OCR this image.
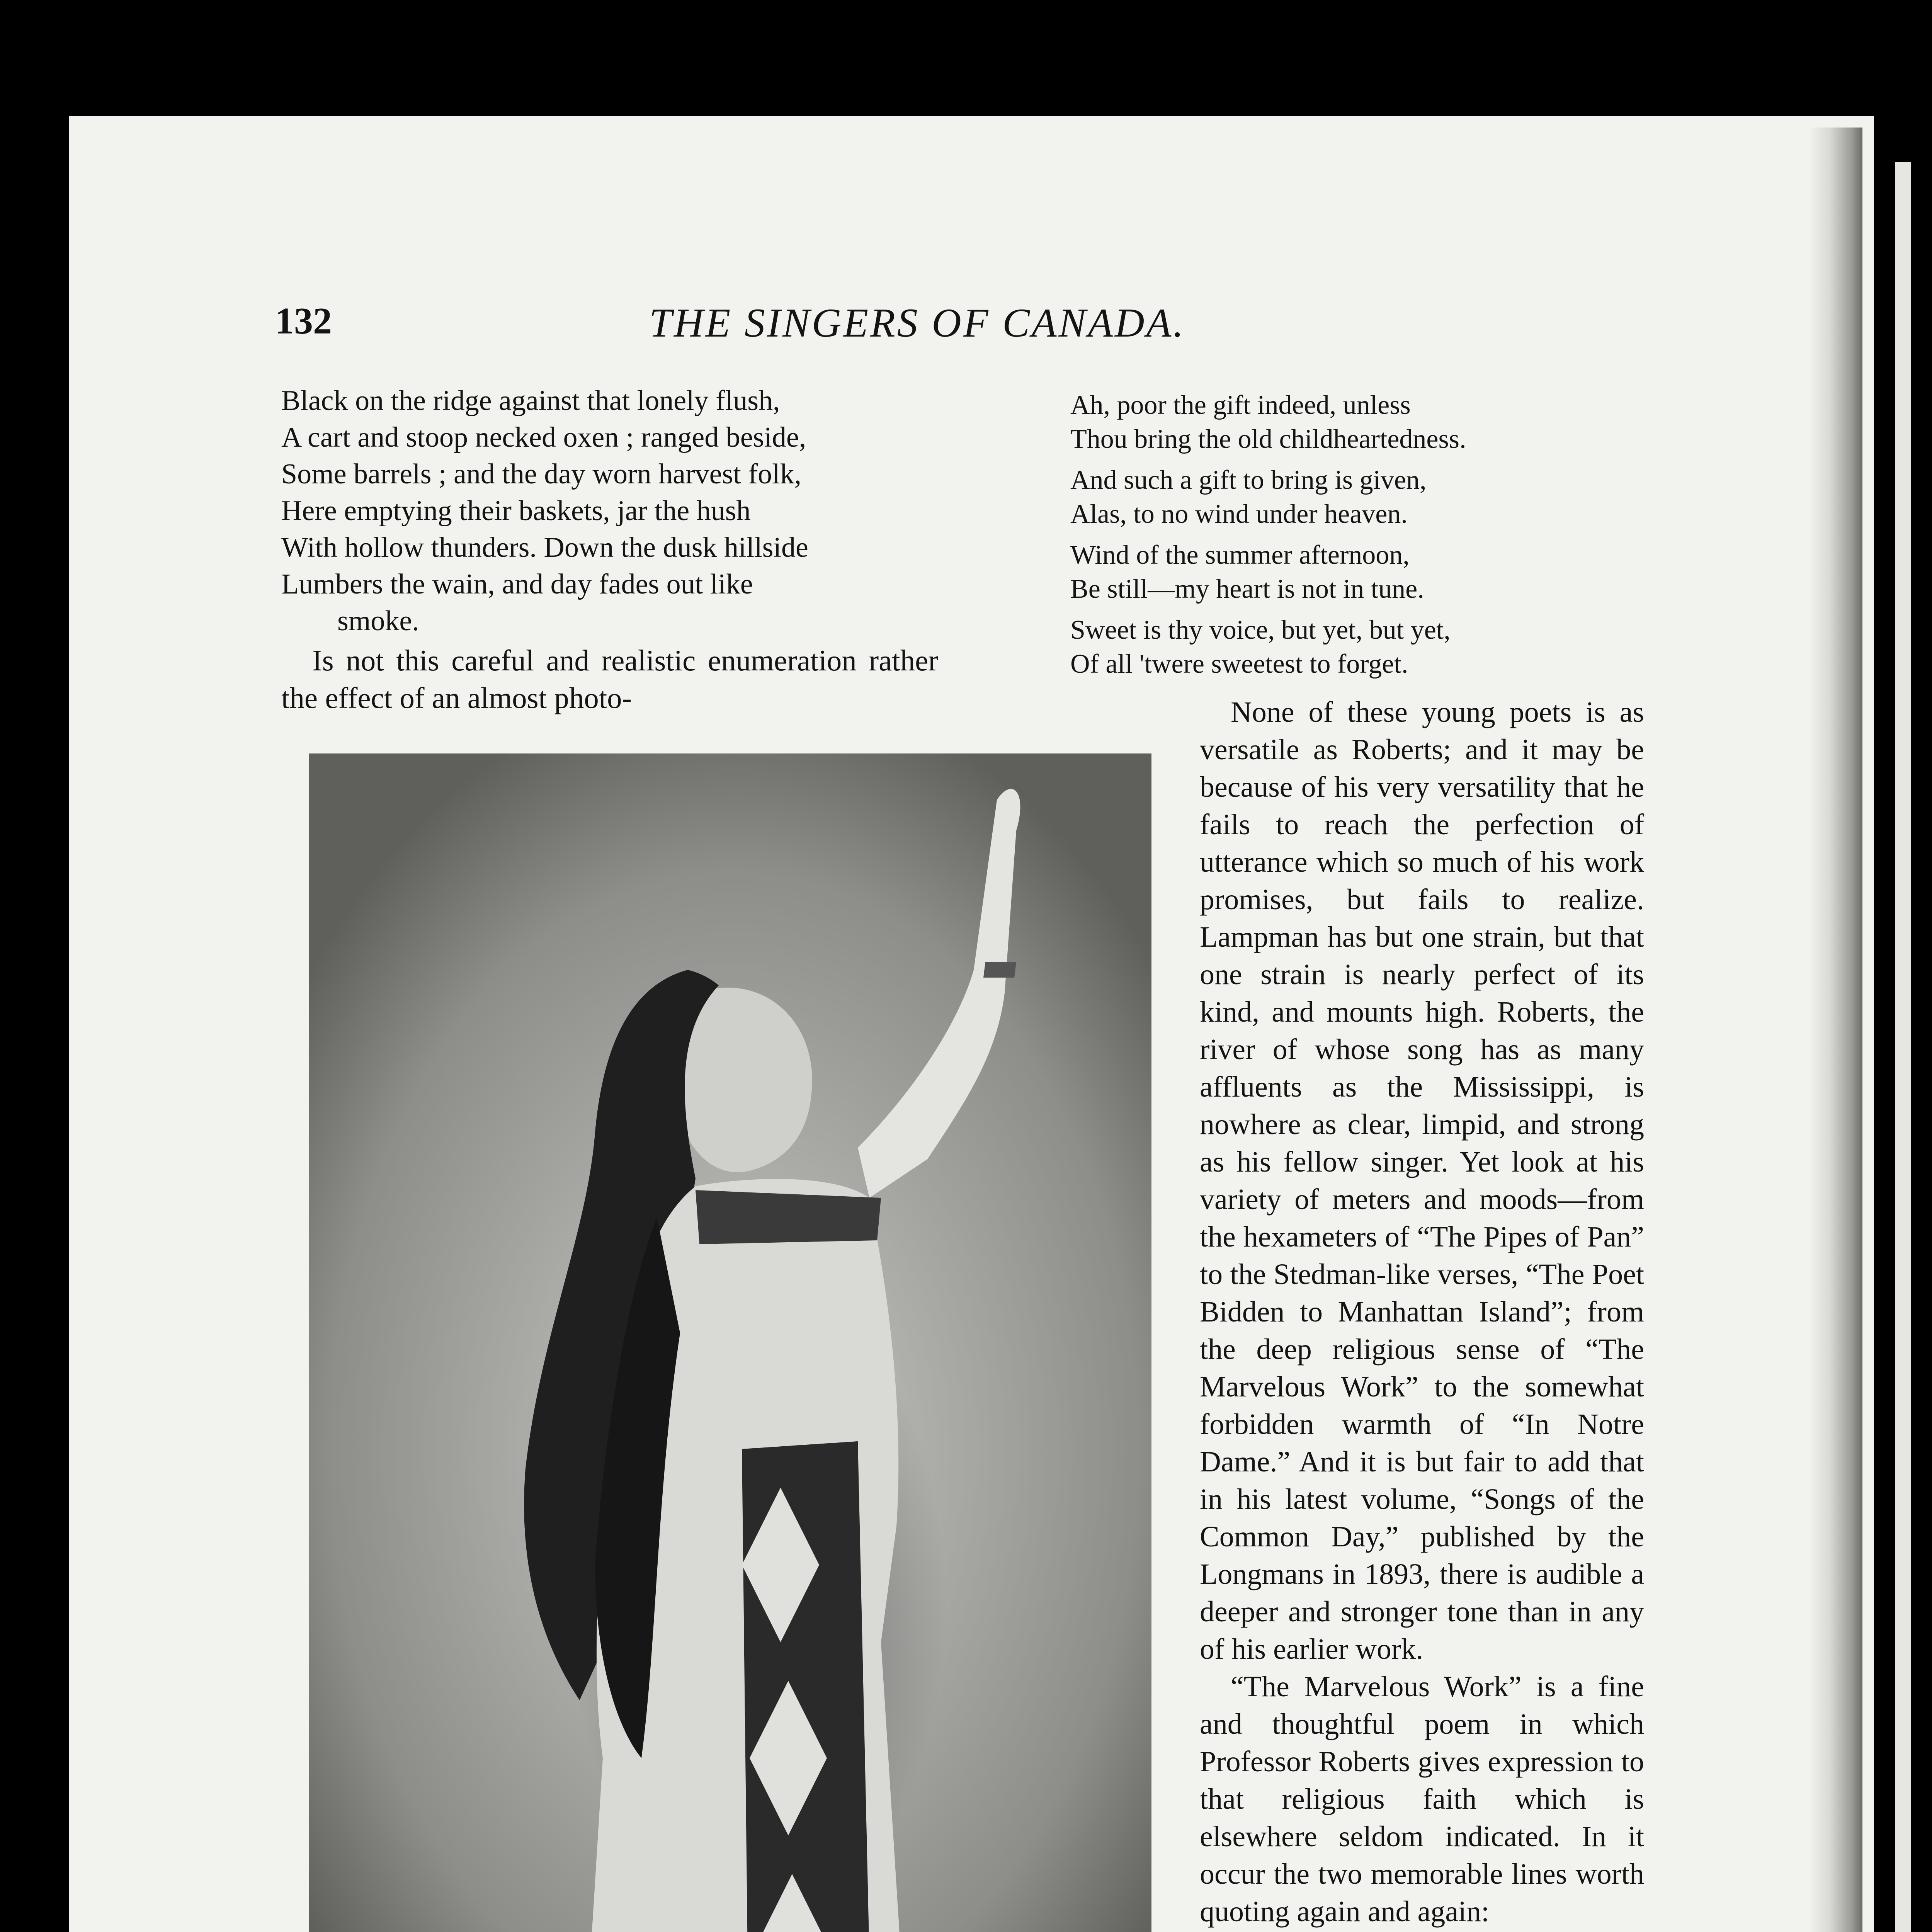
132	THE SINGERS OF CANADA.
Black on the ridge against that lonely flush,
A cart and stoop necked oxen ; ranged beside,
Some barrels ; and the day worn harvest folk,
Here emptying their baskets, jar the hush
With hollow thunders. Down the dusk hillside
Lumbers the wain, and day fades out like
smoke.

Is not this careful and realistic enumeration rather the effect of an almost photo-

Ah, poor the gift indeed, unless
Thou bring the old childheartedness.
And such a gift to bring is given,
Alas, to no wind under heaven.
Wind of the summer afternoon,
Be still—my heart is not in tune.
Sweet is thy voice, but yet, but yet,
Of all 'twere sweetest to forget.

None of these young poets is as versatile as Roberts; and it may be because of his very versatility that he fails to reach the perfection of utterance which so much of his work promises, but fails to realize. Lampman has but one strain, but that one strain is nearly perfect of its kind, and mounts high. Roberts, the river of whose song has as many affluents as the Mississippi, is nowhere as clear, limpid, and strong as his fellow singer. Yet look at his variety of meters and moods—from the hexameters of “The Pipes of Pan” to the Stedman-like verses, “The Poet Bidden to Manhattan Island”; from the deep religious sense of “The Marvelous Work” to the somewhat forbidden warmth of “In Notre Dame.” And it is but fair to add that in his latest volume, “Songs of the Common Day,” published by the Longmans in 1893, there is audible a deeper and stronger tone than in any of his earlier work.

“The Marvelous Work” is a fine and thoughtful poem in which Professor Roberts gives expression to that religious faith which is elsewhere seldom indicated. In it occur the two memorable lines worth quoting again and again:
